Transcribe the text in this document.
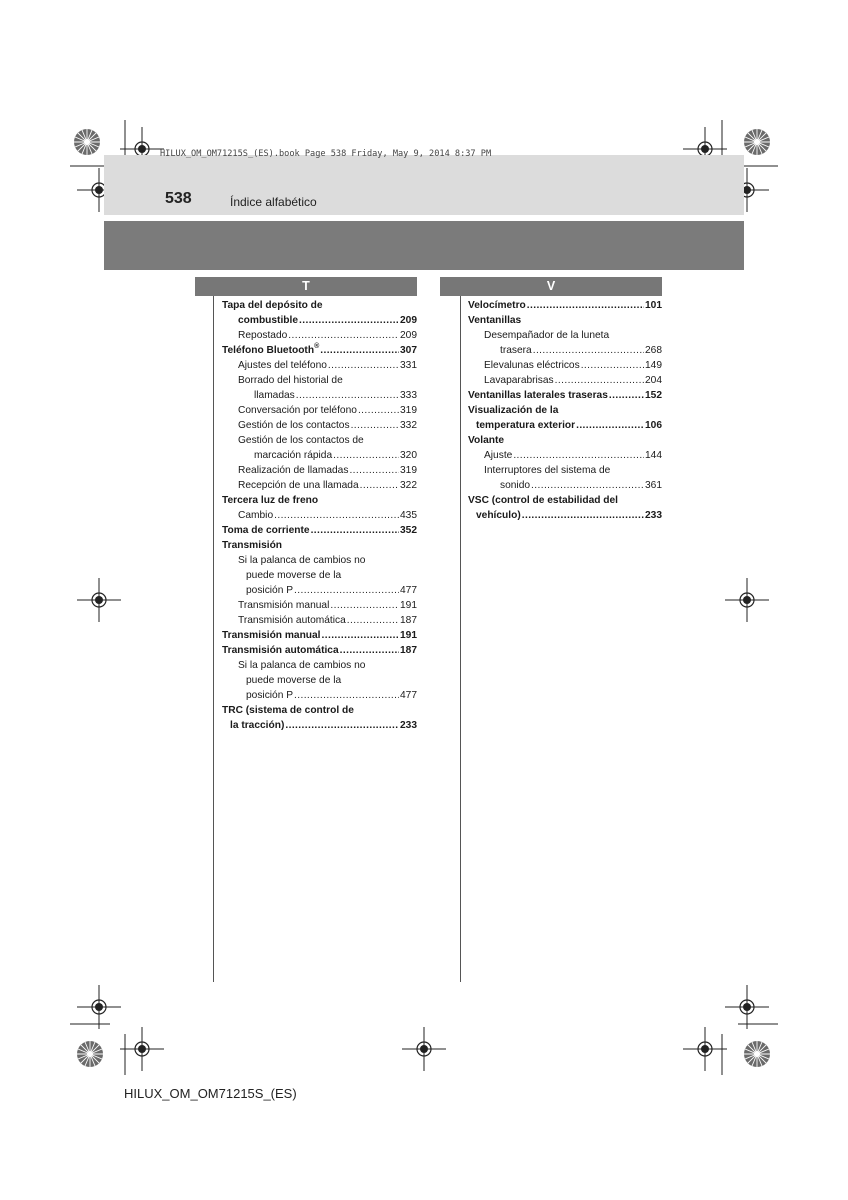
HILUX_OM_OM71215S_(ES).book Page 538 Friday, May 9, 2014 8:37 PM
538	Índice alfabético
T
Tapa del depósito de
combustible .....	209
Repostado .....	209
Teléfono Bluetooth® .....	307
Ajustes del teléfono .....	331
Borrado del historial de
llamadas .....	333
Conversación por teléfono .....	319
Gestión de los contactos .....	332
Gestión de los contactos de
marcación rápida .....	320
Realización de llamadas .....	319
Recepción de una llamada .....	322
Tercera luz de freno
Cambio .....	435
Toma de corriente .....	352
Transmisión
Si la palanca de cambios no
puede moverse de la
posición P .....	477
Transmisión manual .....	191
Transmisión automática .....	187
Transmisión manual .....	191
Transmisión automática .....	187
Si la palanca de cambios no
puede moverse de la
posición P .....	477
TRC (sistema de control de
la tracción) .....	233
V
Velocímetro .....	101
Ventanillas
Desempañador de la luneta
trasera .....	268
Elevalunas eléctricos .....	149
Lavaparabrisas .....	204
Ventanillas laterales traseras .....	152
Visualización de la
temperatura exterior .....	106
Volante
Ajuste .....	144
Interruptores del sistema de
sonido .....	361
VSC (control de estabilidad del
vehículo) .....	233
HILUX_OM_OM71215S_(ES)
